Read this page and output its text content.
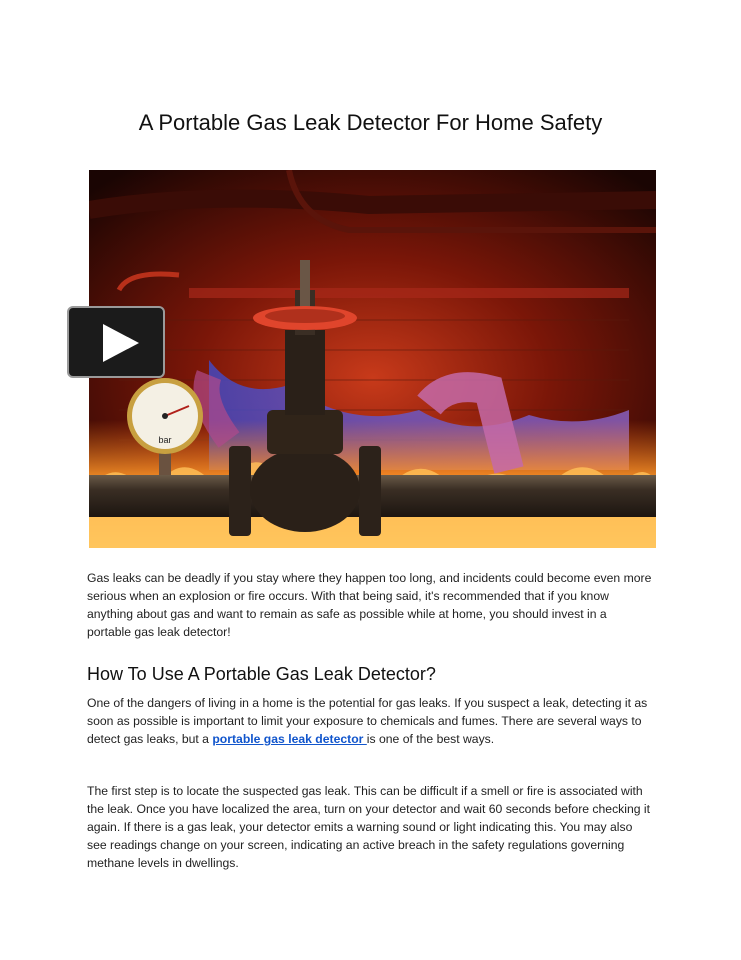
A Portable Gas Leak Detector For Home Safety
bar

Gas leaks can be deadly if you stay where they happen too long, and incidents could become even more serious when an explosion or fire occurs. With that being said, it's recommended that if you know anything about gas and want to remain as safe as possible while at home, you should invest in a portable gas leak detector!

How To Use A Portable Gas Leak Detector?

One of the dangers of living in a home is the potential for gas leaks. If you suspect a leak, detecting it as soon as possible is important to limit your exposure to chemicals and fumes. There are several ways to detect gas leaks, but a portable gas leak detector is one of the best ways.

The first step is to locate the suspected gas leak. This can be difficult if a smell or fire is associated with the leak. Once you have localized the area, turn on your detector and wait 60 seconds before checking it again. If there is a gas leak, your detector emits a warning sound or light indicating this. You may also see readings change on your screen, indicating an active breach in the safety regulations governing methane levels in dwellings.
